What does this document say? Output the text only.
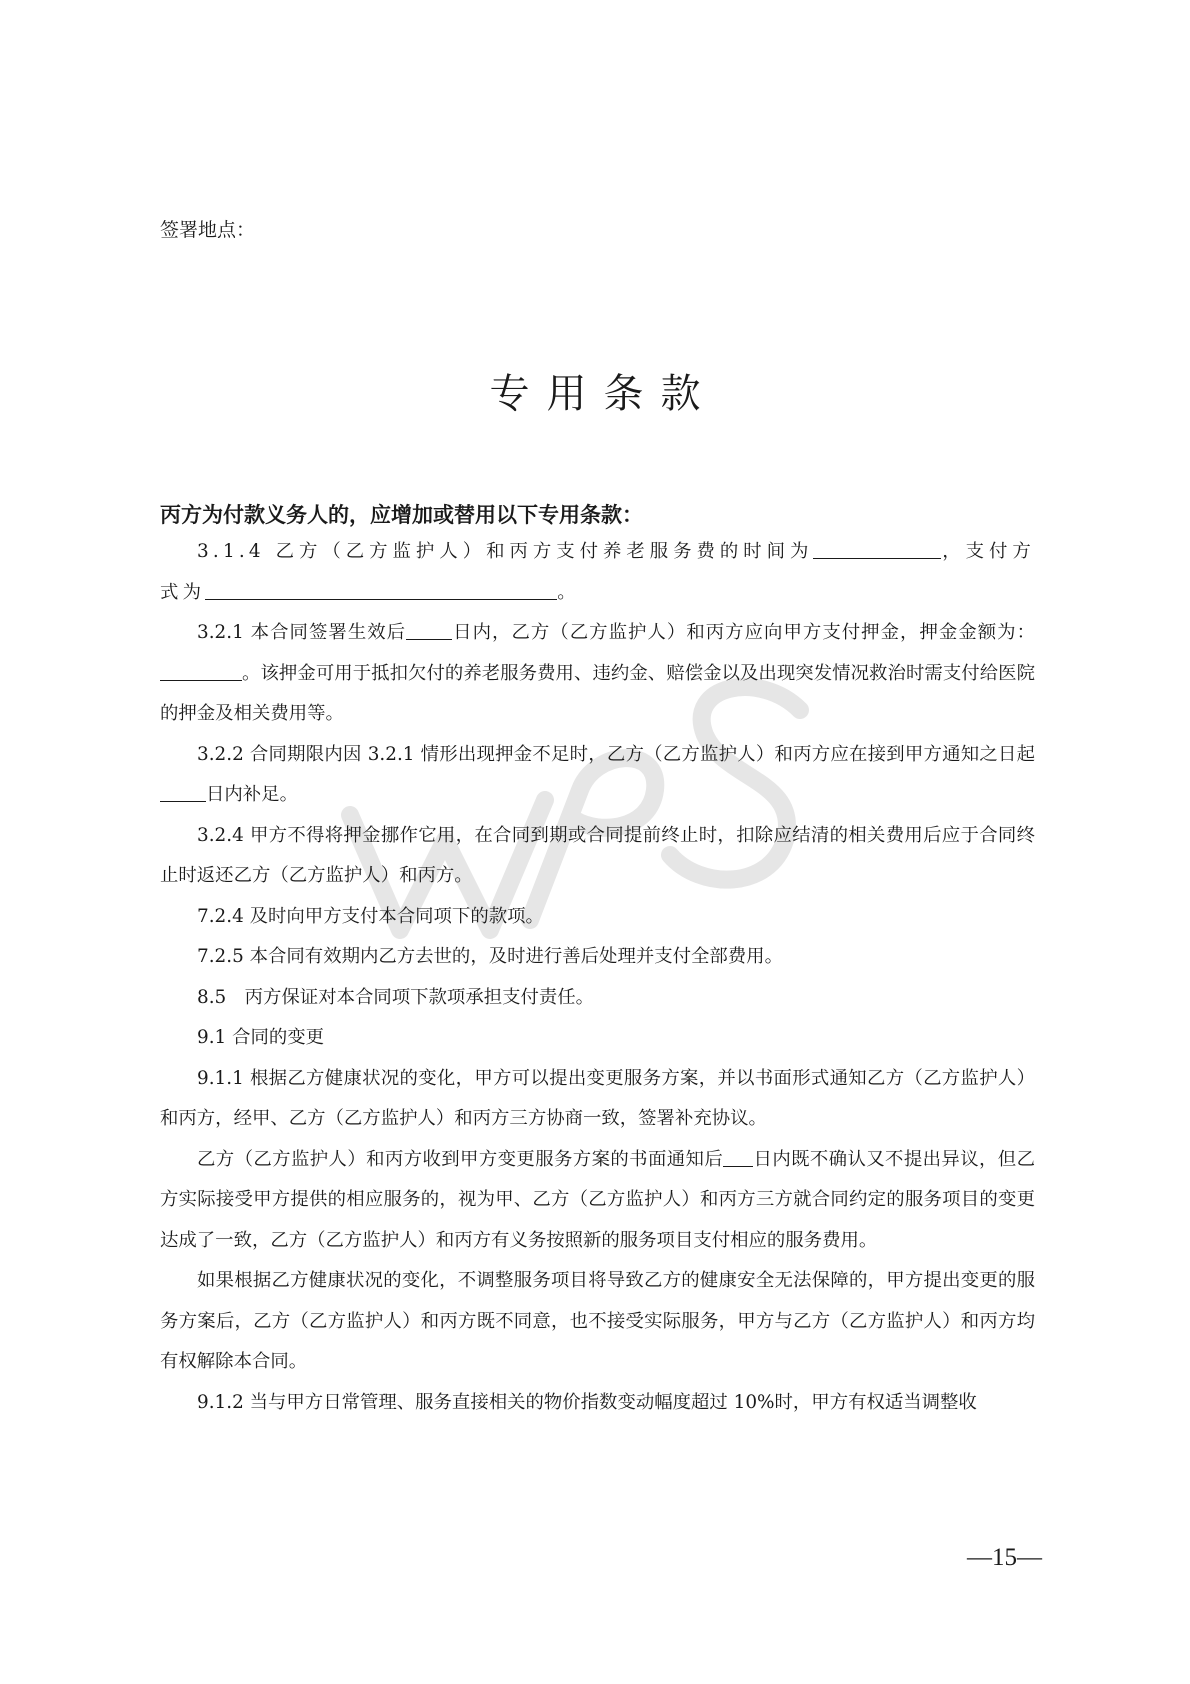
签署地点：
专用条款
丙方为付款义务人的，应增加或替用以下专用条款：

3.1.4 乙方（乙方监护人）和丙方支付养老服务费的时间为	，支付方式为	。

3.2.1 本合同签署生效后	日内，乙方（乙方监护人）和丙方应向甲方支付押金，押金金额为：。该押金可用于抵扣欠付的养老服务费用、违约金、赔偿金以及出现突发情况救治时需支付给医院的押金及相关费用等。

3.2.2 合同期限内因 3.2.1 情形出现押金不足时，乙方（乙方监护人）和丙方应在接到甲方通知之日起日内补足。

3.2.4 甲方不得将押金挪作它用，在合同到期或合同提前终止时，扣除应结清的相关费用后应于合同终止时返还乙方（乙方监护人）和丙方。

7.2.4 及时向甲方支付本合同项下的款项。

7.2.5 本合同有效期内乙方去世的，及时进行善后处理并支付全部费用。

8.5　丙方保证对本合同项下款项承担支付责任。

9.1 合同的变更

9.1.1 根据乙方健康状况的变化，甲方可以提出变更服务方案，并以书面形式通知乙方（乙方监护人）和丙方，经甲、乙方（乙方监护人）和丙方三方协商一致，签署补充协议。

乙方（乙方监护人）和丙方收到甲方变更服务方案的书面通知后 日内既不确认又不提出异议，但乙方实际接受甲方提供的相应服务的，视为甲、乙方（乙方监护人）和丙方三方就合同约定的服务项目的变更达成了一致，乙方（乙方监护人）和丙方有义务按照新的服务项目支付相应的服务费用。

如果根据乙方健康状况的变化，不调整服务项目将导致乙方的健康安全无法保障的，甲方提出变更的服务方案后，乙方（乙方监护人）和丙方既不同意，也不接受实际服务，甲方与乙方（乙方监护人）和丙方均有权解除本合同。

9.1.2 当与甲方日常管理、服务直接相关的物价指数变动幅度超过 10%时，甲方有权适当调整收

—15—
